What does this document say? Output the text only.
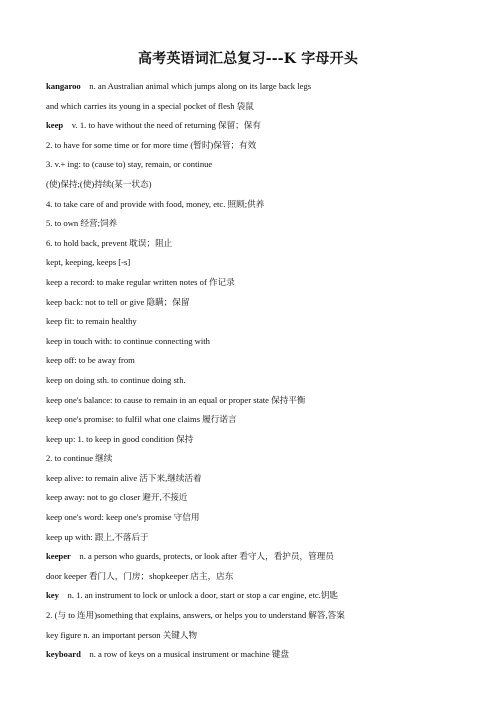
高考英语词汇总复习---K 字母开头
kangaroo  n. an Australian animal which jumps along on its large back legs
and which carries its young in a special pocket of flesh 袋鼠
keep  v. 1. to have without the need of returning 保留；保有
2. to have for some time or for more time (暂时)保管；有效
3. v.+ ing: to (cause to) stay, remain, or continue
(使)保持;(使)持续(某一状态)
4. to take care of and provide with food, money, etc. 照顾;供养
5. to own 经营;饲养
6. to hold back, prevent 耽误；阻止
kept, keeping, keeps [-s]
keep a record: to make regular written notes of 作记录
keep back: not to tell or give 隐瞒；保留
keep fit: to remain healthy
keep in touch with: to continue connecting with
keep off: to be away from
keep on doing sth. to continue doing sth.
keep one's balance: to cause to remain in an equal or proper state 保持平衡
keep one's promise: to fulfil what one claims 履行诺言
keep up: 1. to keep in good condition 保持
2. to continue 继续
keep alive: to remain alive 活下来,继续活着
keep away: not to go closer 避开,不接近
keep one's word: keep one's promise 守信用
keep up with: 跟上,不落后于
keeper  n. a person who guards, protects, or look after 看守人，看护员，管理员
door keeper 看门人，门房；shopkeeper 店主，店东
key  n. 1. an instrument to lock or unlock a door, start or stop a car engine, etc.钥匙
2. (与 to 连用)something that explains, answers, or helps you to understand 解答,答案
key figure n. an important person 关键人物
keyboard  n. a row of keys on a musical instrument or machine 键盘
